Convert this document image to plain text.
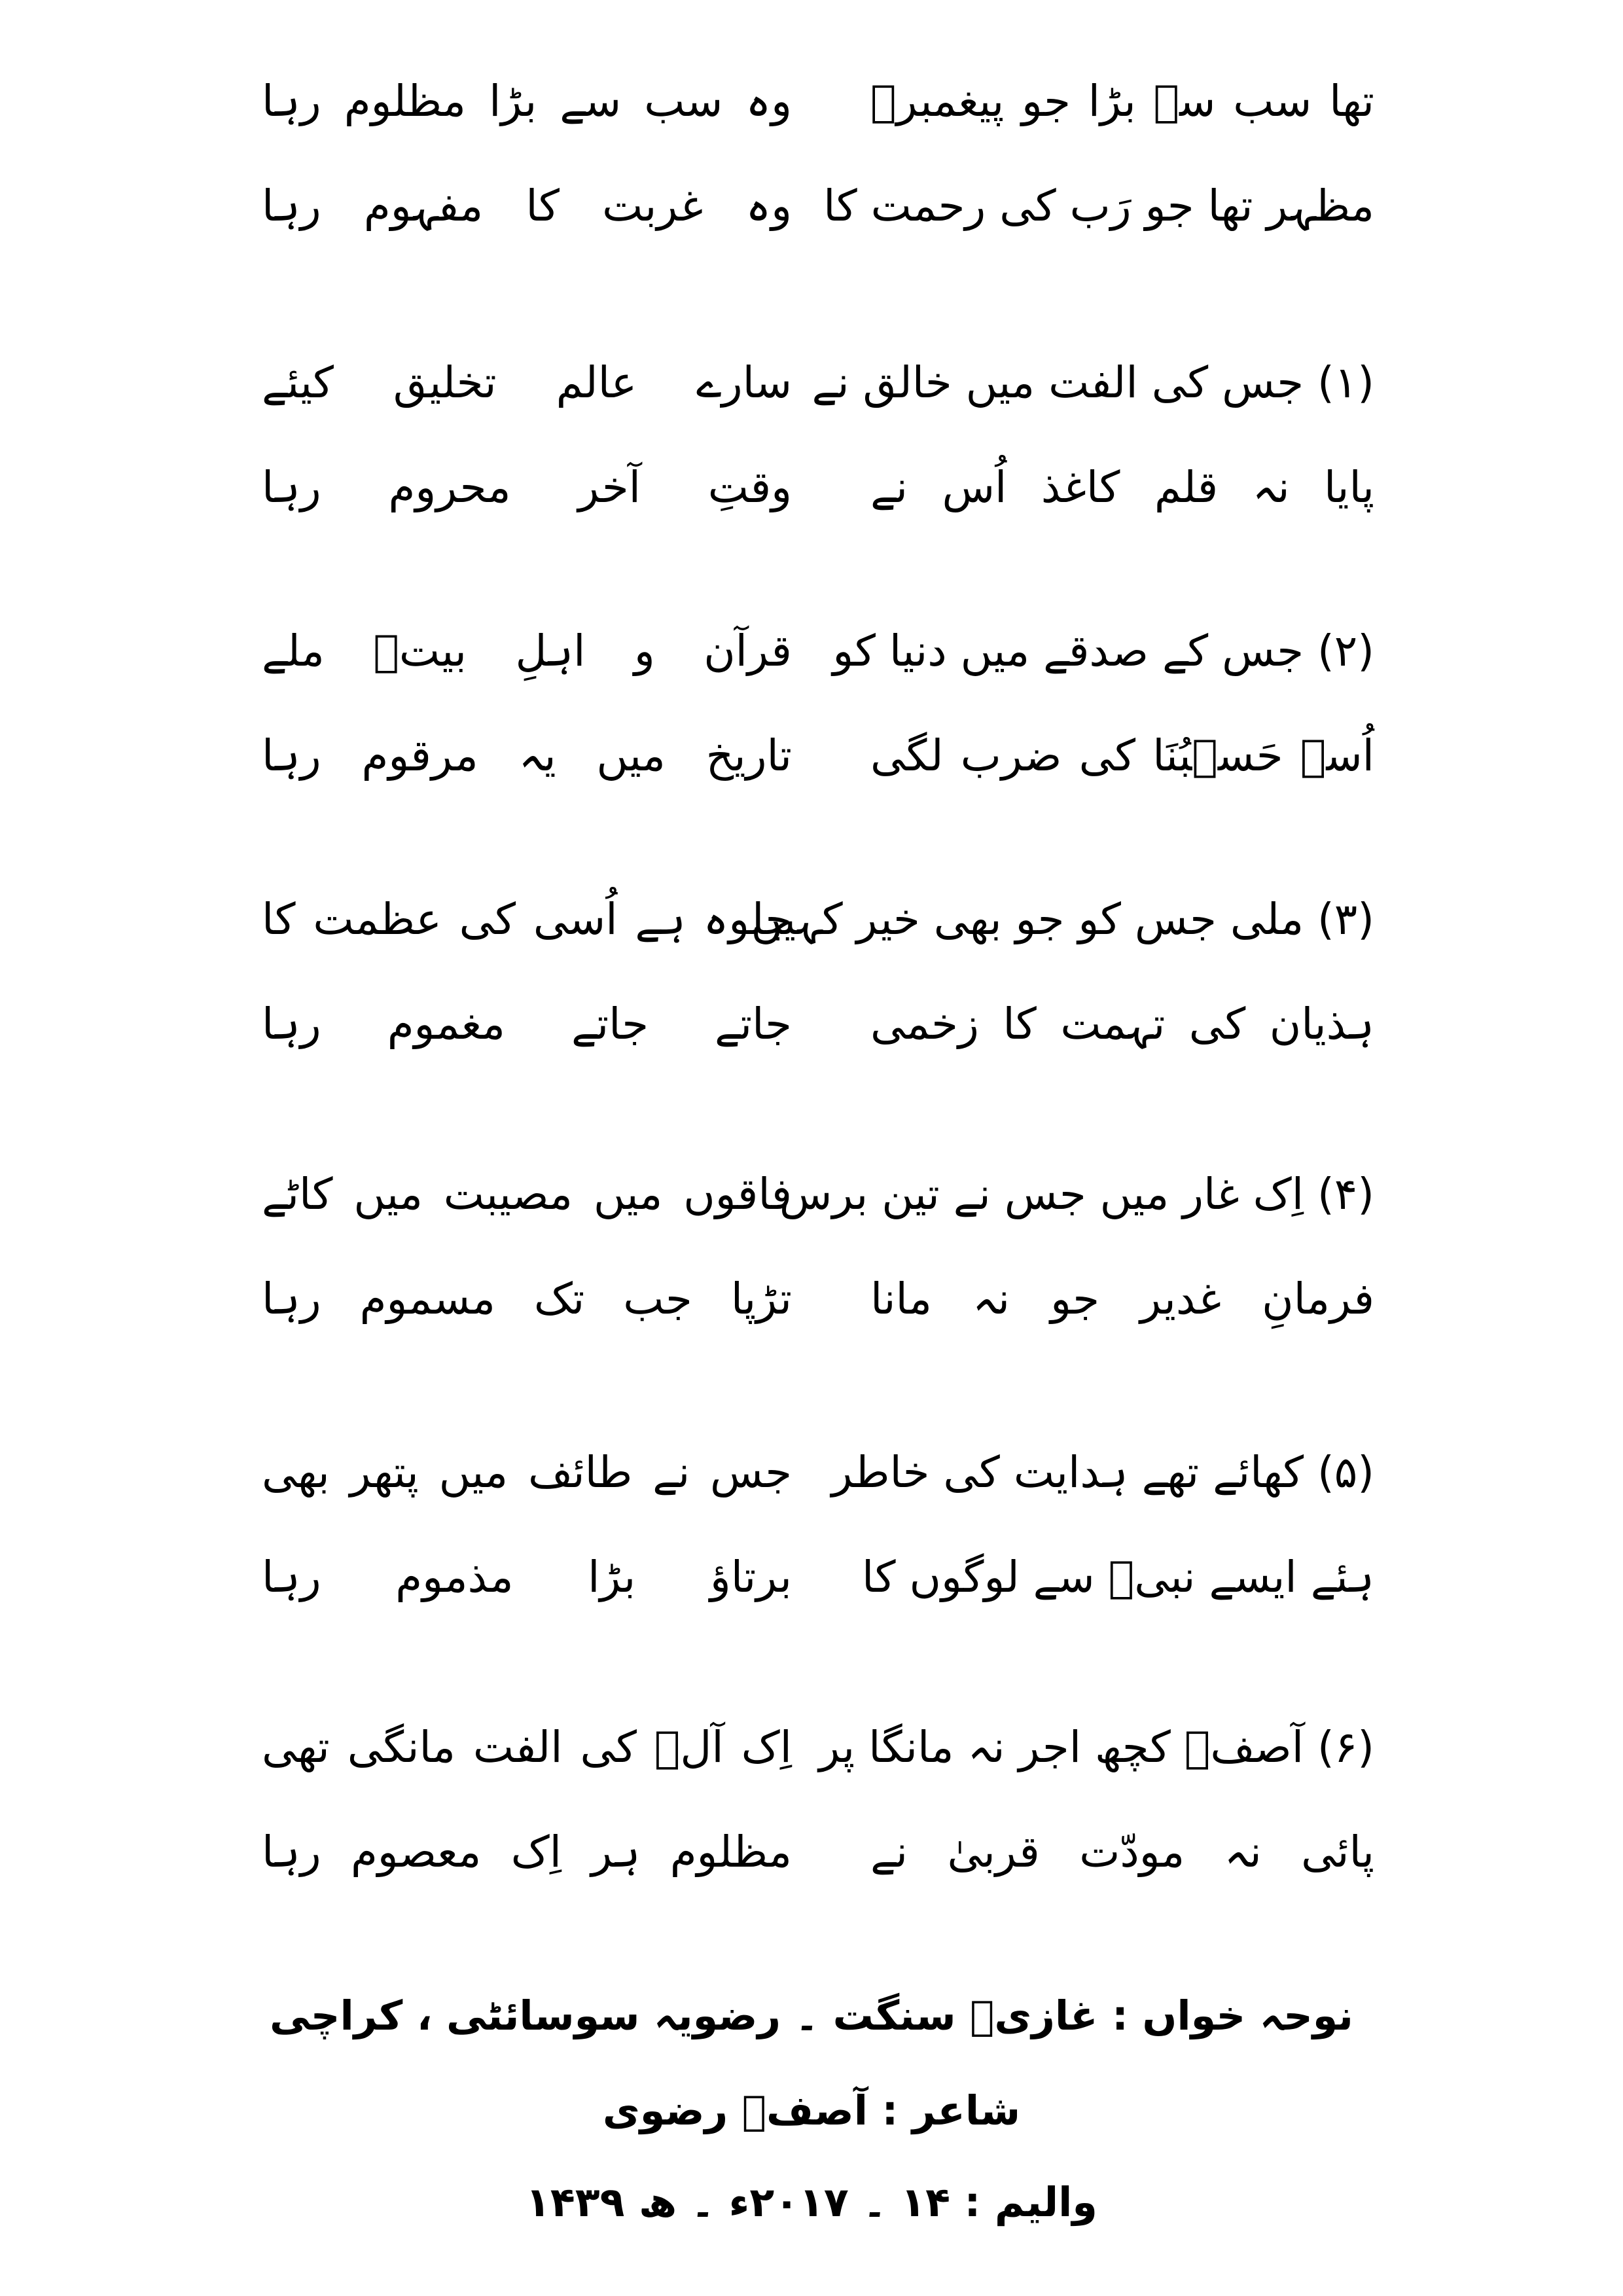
تھا سب سے بڑا جو پیغمبرؐ
وہ سب سے بڑا مظلوم رہا
مظہر تھا جو رَب کی رحمت کا
وہ غربت کا مفہوم رہا
(۱) جس کی الفت میں خالق نے
سارے عالم تخلیق کیئے
پایا نہ قلم کاغذ اُس نے
وقتِ آخر محروم رہا
(۲) جس کے صدقے میں دنیا کو
قرآن و اہلِ بیتؑ ملے
اُسے حَسۡبُنَا کی ضرب لگی
تاریخ میں یہ مرقوم رہا
(۳) ملی جس کو جو بھی خیر کہیں
جلوہ ہے اُسی کی عظمت کا
ہذیان کی تہمت کا زخمی
جاتے جاتے مغموم رہا
(۴) اِک غار میں جس نے تین برس
فاقوں میں مصیبت میں کاٹے
فرمانِ غدیر جو نہ مانا
تڑپا جب تک مسموم رہا
(۵) کھائے تھے ہدایت کی خاطر
جس نے طائف میں پتھر بھی
ہئے ایسے نبیؐ سے لوگوں کا
برتاؤ بڑا مذموم رہا
(۶) آصفؔ کچھ اجر نہ مانگا پر
اِک آلؑ کی الفت مانگی تھی
پائی نہ مودّت قربیٰ نے
مظلوم ہر اِک معصوم رہا
نوحہ خواں : غازیؑ سنگت ۔ رضویہ سوسائٹی ، کراچی
شاعر : آصفؔ رضوی
والیم : ۱۴ ۔ ۲۰۱۷ء ۔ ھ ۱۴۳۹
